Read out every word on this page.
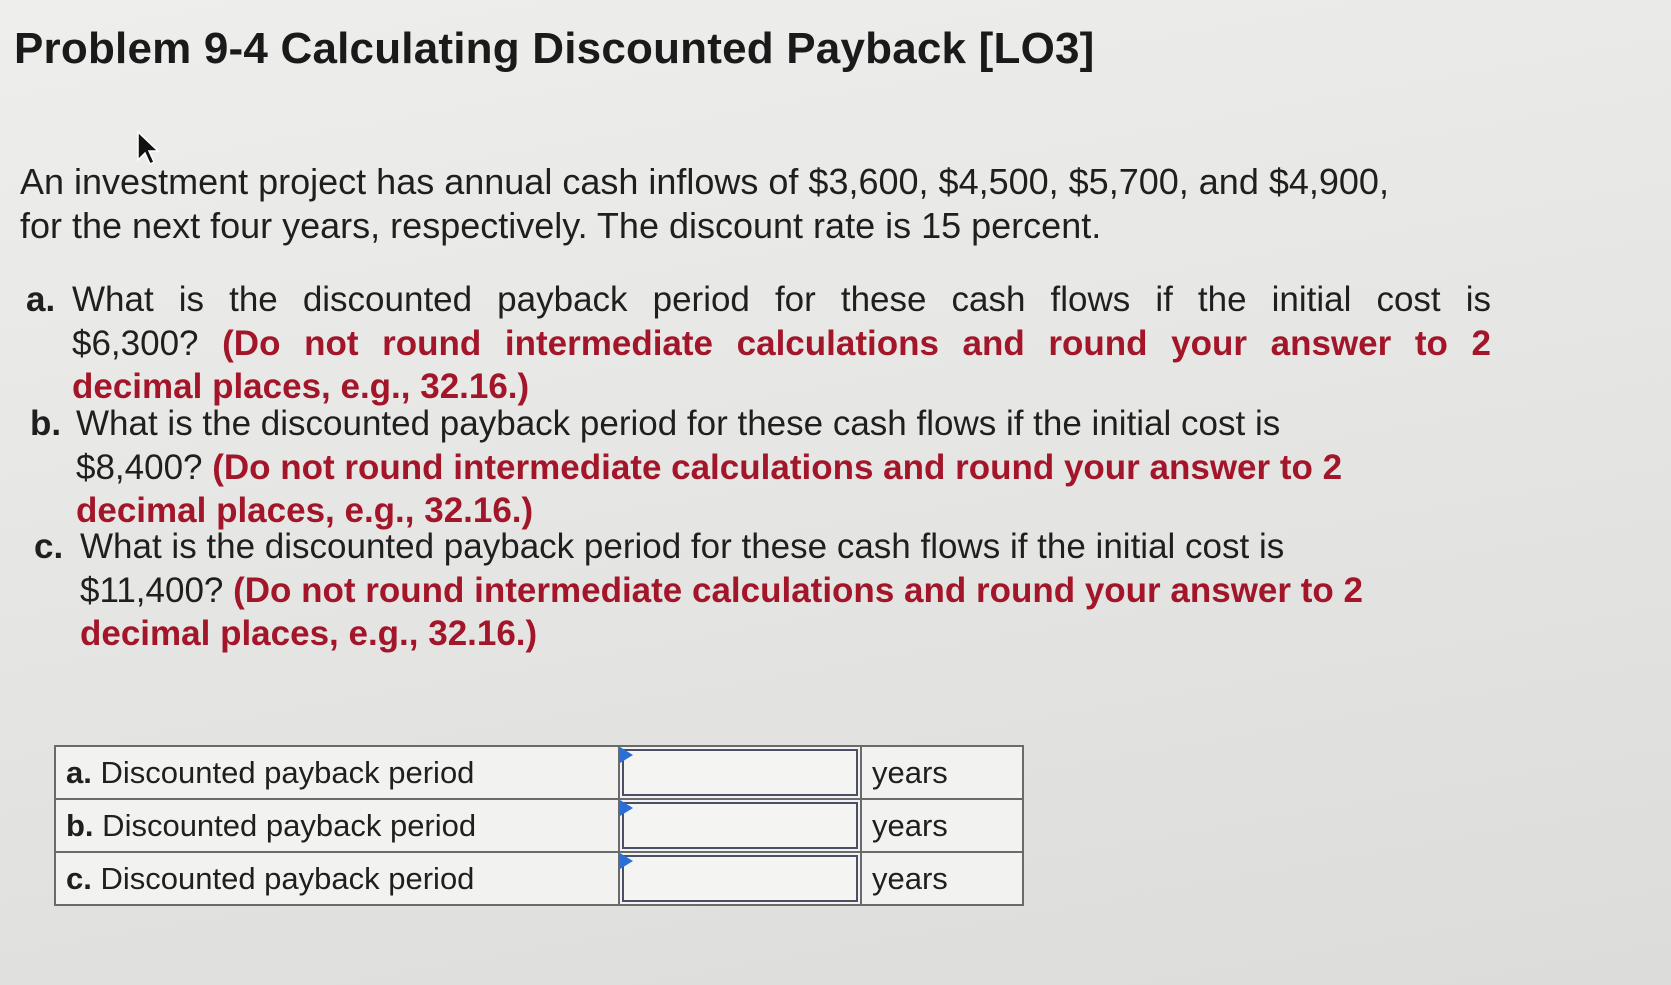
Problem 9-4 Calculating Discounted Payback [LO3]
An investment project has annual cash inflows of $3,600, $4,500, $5,700, and $4,900,
for the next four years, respectively. The discount rate is 15 percent.
a. What is the discounted payback period for these cash flows if the initial cost is
$6,300? (Do not round intermediate calculations and round your answer to 2
decimal places, e.g., 32.16.)
b. What is the discounted payback period for these cash flows if the initial cost is
$8,400? (Do not round intermediate calculations and round your answer to 2
decimal places, e.g., 32.16.)
c. What is the discounted payback period for these cash flows if the initial cost is
$11,400? (Do not round intermediate calculations and round your answer to 2
decimal places, e.g., 32.16.)
a. Discounted payback period		years
b. Discounted payback period		years
c. Discounted payback period		years
